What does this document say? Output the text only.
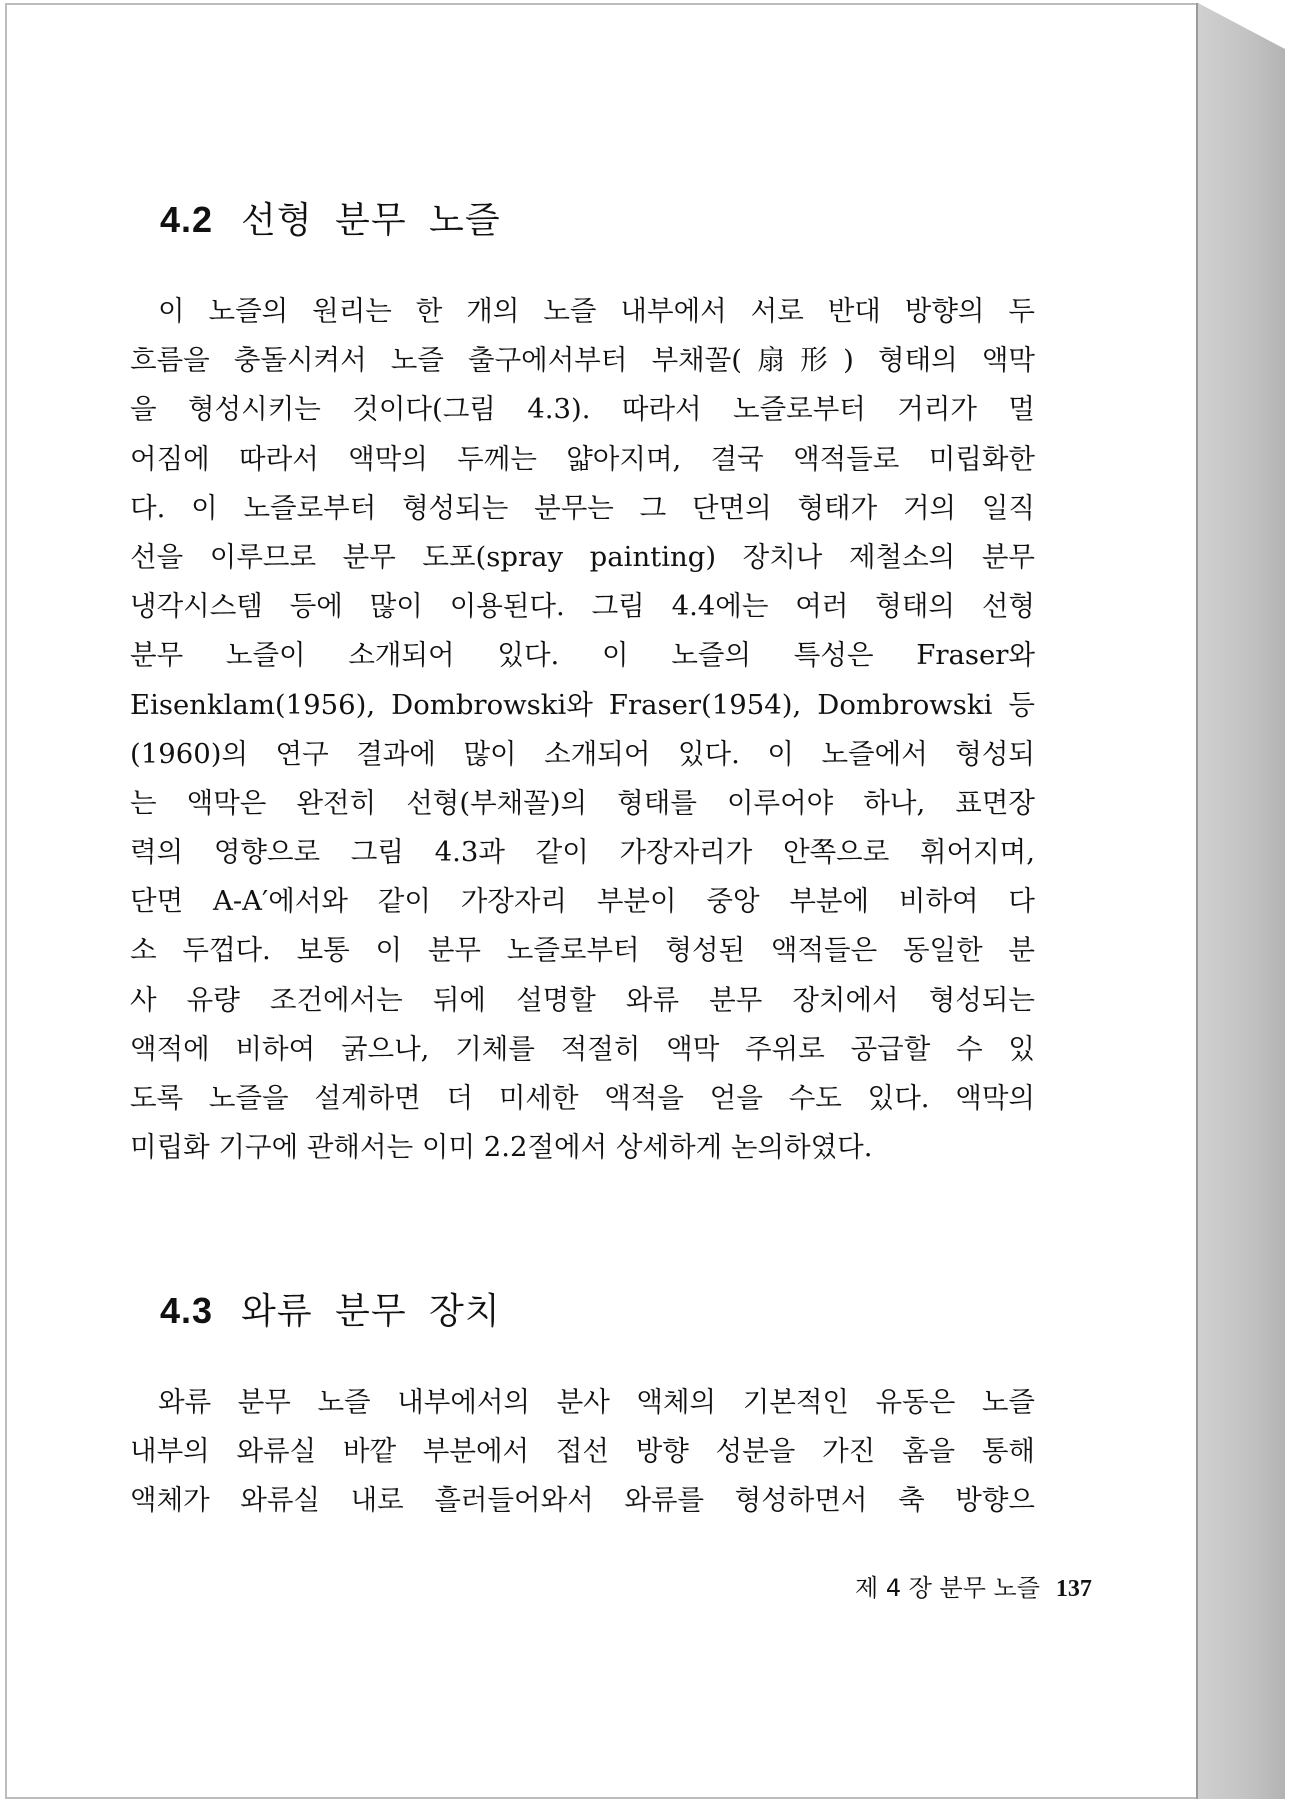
4.2 선형 분무 노즐
이 노즐의 원리는 한 개의 노즐 내부에서 서로 반대 방향의 두
흐름을 충돌시켜서 노즐 출구에서부터 부채꼴(扇形) 형태의 액막
을 형성시키는 것이다(그림 4.3). 따라서 노즐로부터 거리가 멀
어짐에 따라서 액막의 두께는 얇아지며, 결국 액적들로 미립화한
다. 이 노즐로부터 형성되는 분무는 그 단면의 형태가 거의 일직
선을 이루므로 분무 도포(spray painting) 장치나 제철소의 분무
냉각시스템 등에 많이 이용된다. 그림 4.4에는 여러 형태의 선형
분무 노즐이 소개되어 있다. 이 노즐의 특성은 Fraser와
Eisenklam(1956), Dombrowski와 Fraser(1954), Dombrowski 등
(1960)의 연구 결과에 많이 소개되어 있다. 이 노즐에서 형성되
는 액막은 완전히 선형(부채꼴)의 형태를 이루어야 하나, 표면장
력의 영향으로 그림 4.3과 같이 가장자리가 안쪽으로 휘어지며,
단면 A-A′에서와 같이 가장자리 부분이 중앙 부분에 비하여 다
소 두껍다. 보통 이 분무 노즐로부터 형성된 액적들은 동일한 분
사 유량 조건에서는 뒤에 설명할 와류 분무 장치에서 형성되는
액적에 비하여 굵으나, 기체를 적절히 액막 주위로 공급할 수 있
도록 노즐을 설계하면 더 미세한 액적을 얻을 수도 있다. 액막의
미립화 기구에 관해서는 이미 2.2절에서 상세하게 논의하였다.
4.3 와류 분무 장치
와류 분무 노즐 내부에서의 분사 액체의 기본적인 유동은 노즐
내부의 와류실 바깥 부분에서 접선 방향 성분을 가진 홈을 통해
액체가 와류실 내로 흘러들어와서 와류를 형성하면서 축 방향으
제 4 장 분무 노즐 137
